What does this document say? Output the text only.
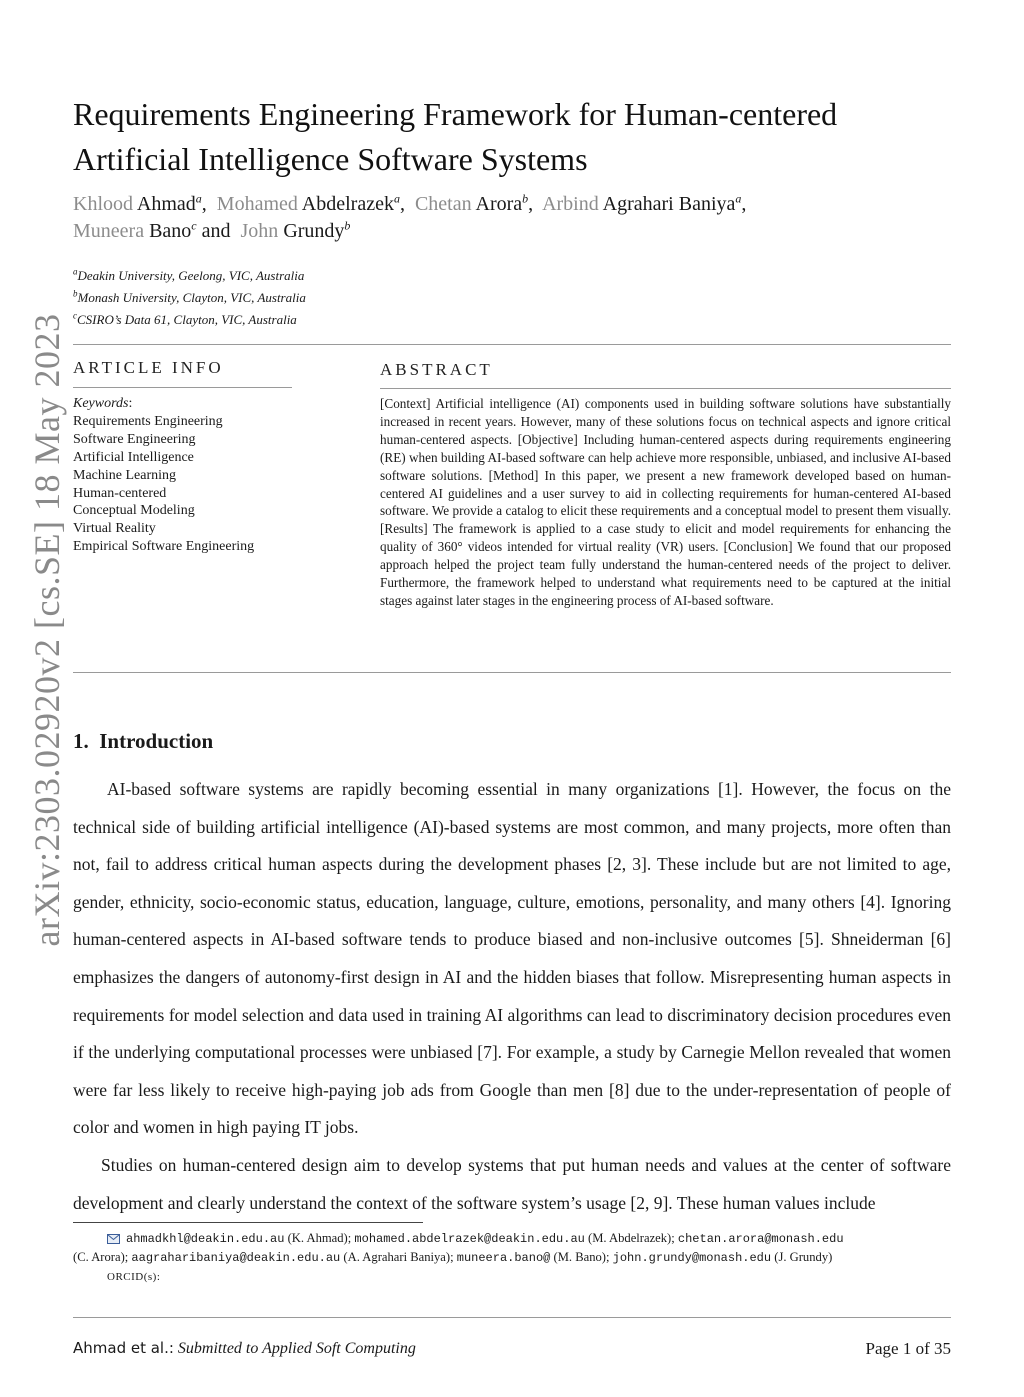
arXiv:2303.02920v2 [cs.SE] 18 May 2023
Requirements Engineering Framework for Human-centered
Artificial Intelligence Software Systems
Khlood Ahmad$^a$,  Mohamed Abdelrazek$^a$,  Chetan Arora$^b$,  Arbind Agrahari Baniya$^a$,
Muneera Bano$^c$ and John Grundy$^b$
$^a$Deakin University, Geelong, VIC, Australia
$^b$Monash University, Clayton, VIC, Australia
$^c$CSIRO’s Data 61, Clayton, VIC, Australia
ARTICLE INFO
Keywords:
Requirements Engineering
Software Engineering
Artificial Intelligence
Machine Learning
Human-centered
Conceptual Modeling
Virtual Reality
Empirical Software Engineering
ABSTRACT
[Context] Artificial intelligence (AI) components used in building software solutions have substantially increased in recent years. However, many of these solutions focus on technical aspects and ignore critical human-centered aspects. [Objective] Including human-centered aspects during requirements engineering (RE) when building AI-based software can help achieve more responsible, unbiased, and inclusive AI-based software solutions. [Method] In this paper, we present a new framework developed based on human-centered AI guidelines and a user survey to aid in collecting requirements for human-centered AI-based software. We provide a catalog to elicit these requirements and a conceptual model to present them visually. [Results] The framework is applied to a case study to elicit and model requirements for enhancing the quality of 360° videos intended for virtual reality (VR) users. [Conclusion] We found that our proposed approach helped the project team fully understand the human-centered needs of the project to deliver. Furthermore, the framework helped to understand what requirements need to be captured at the initial stages against later stages in the engineering process of AI-based software.
1. Introduction

AI-based software systems are rapidly becoming essential in many organizations [1]. However, the focus on the technical side of building artificial intelligence (AI)-based systems are most common, and many projects, more often than not, fail to address critical human aspects during the development phases [2, 3]. These include but are not limited to age, gender, ethnicity, socio-economic status, education, language, culture, emotions, personality, and many others [4]. Ignoring human-centered aspects in AI-based software tends to produce biased and non-inclusive outcomes [5]. Shneiderman [6] emphasizes the dangers of autonomy-first design in AI and the hidden biases that follow. Misrepresenting human aspects in requirements for model selection and data used in training AI algorithms can lead to discriminatory decision procedures even if the underlying computational processes were unbiased [7]. For example, a study by Carnegie Mellon revealed that women were far less likely to receive high-paying job ads from Google than men [8] due to the under-representation of people of color and women in high paying IT jobs.

Studies on human-centered design aim to develop systems that put human needs and values at the center of software development and clearly understand the context of the software system’s usage [2, 9]. These human values include

ahmadkhl@deakin.edu.au (K. Ahmad); mohamed.abdelrazek@deakin.edu.au (M. Abdelrazek); chetan.arora@monash.edu
(C. Arora); aagraharibaniya@deakin.edu.au (A. Agrahari Baniya); muneera.bano@ (M. Bano); john.grundy@monash.edu (J. Grundy)
ORCID(s):
Ahmad et al.: Submitted to Applied Soft Computing	Page 1 of 35
